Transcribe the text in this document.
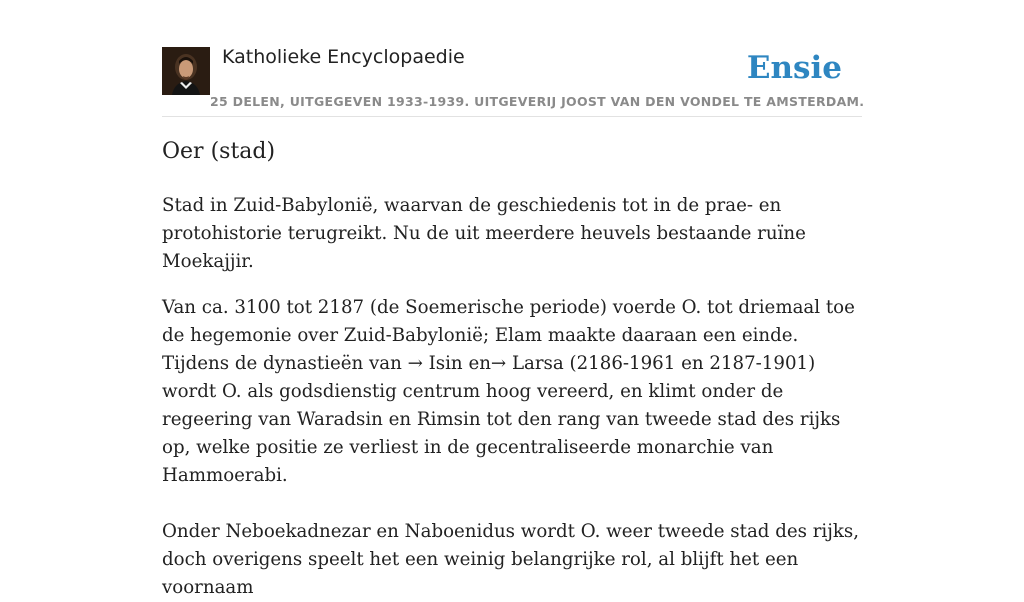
Katholieke Encyclopaedie
25 DELEN, UITGEGEVEN 1933-1939. UITGEVERIJ JOOST VAN DEN VONDEL TE AMSTERDAM.
Ensie
Oer (stad)

Stad in Zuid-Babylonië, waarvan de geschiedenis tot in de prae- en protohistorie terugreikt. Nu de uit meerdere heuvels bestaande ruïne Moekajjir.

Van ca. 3100 tot 2187 (de Soemerische periode) voerde O. tot driemaal toe de hegemonie over Zuid-Babylonië; Elam maakte daaraan een einde. Tijdens de dynastieën van → Isin en→ Larsa (2186-1961 en 2187-1901) wordt O. als godsdienstig centrum hoog vereerd, en klimt onder de regeering van Waradsin en Rimsin tot den rang van tweede stad des rijks op, welke positie ze verliest in de gecentraliseerde monarchie van Hammoerabi.

Onder Neboekadnezar en Naboenidus wordt O. weer tweede stad des rijks, doch overigens speelt het een weinig belangrijke rol, al blijft het een voornaam
